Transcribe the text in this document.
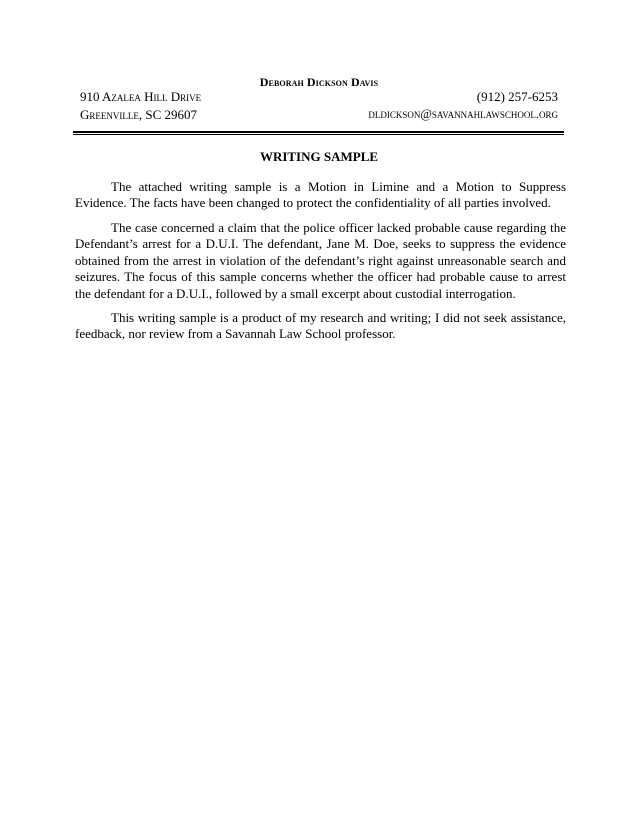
Deborah Dickson Davis
910 Azalea Hill Drive
Greenville, SC 29607
(912) 257-6253
dldickson@savannahlawschool.org
WRITING SAMPLE

The attached writing sample is a Motion in Limine and a Motion to Suppress Evidence. The facts have been changed to protect the confidentiality of all parties involved.

The case concerned a claim that the police officer lacked probable cause regarding the Defendant’s arrest for a D.U.I. The defendant, Jane M. Doe, seeks to suppress the evidence obtained from the arrest in violation of the defendant’s right against unreasonable search and seizures. The focus of this sample concerns whether the officer had probable cause to arrest the defendant for a D.U.I., followed by a small excerpt about custodial interrogation.

This writing sample is a product of my research and writing; I did not seek assistance, feedback, nor review from a Savannah Law School professor.
